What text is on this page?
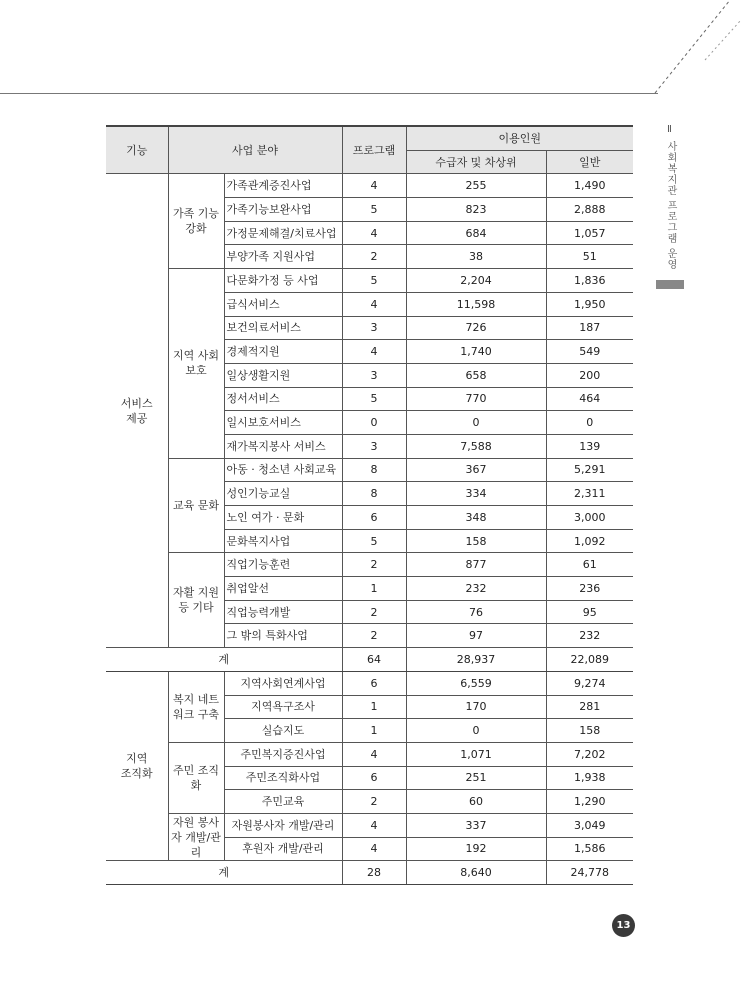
Ⅱ
사회복지관 프로그램 운영
기능	사업 분야		프로그램	이용인원	
				수급자 및 차상위	일반
서비스
제공	가족 기능 강화	가족관계증진사업	4	255	1,490
		가족기능보완사업	5	823	2,888
		가정문제해결/치료사업	4	684	1,057
		부양가족 지원사업	2	38	51
	지역 사회 보호	다문화가정 등 사업	5	2,204	1,836
		급식서비스	4	11,598	1,950
		보건의료서비스	3	726	187
		경제적지원	4	1,740	549
		일상생활지원	3	658	200
		정서서비스	5	770	464
		일시보호서비스	0	0	0
		재가복지봉사 서비스	3	7,588	139
	교육 문화	아동 · 청소년 사회교육	8	367	5,291
		성인기능교실	8	334	2,311
		노인 여가 · 문화	6	348	3,000
		문화복지사업	5	158	1,092
	자활 지원 등 기타	직업기능훈련	2	877	61
		취업알선	1	232	236
		직업능력개발	2	76	95
		그 밖의 특화사업	2	97	232
계			64	28,937	22,089
지역
조직화	복지 네트워크 구축	지역사회연계사업	6	6,559	9,274
		지역욕구조사	1	170	281
		실습지도	1	0	158
	주민 조직화	주민복지증진사업	4	1,071	7,202
		주민조직화사업	6	251	1,938
		주민교육	2	60	1,290
	자원 봉사자 개발/관리	자원봉사자 개발/관리	4	337	3,049
		후원자 개발/관리	4	192	1,586
계			28	8,640	24,778
13
